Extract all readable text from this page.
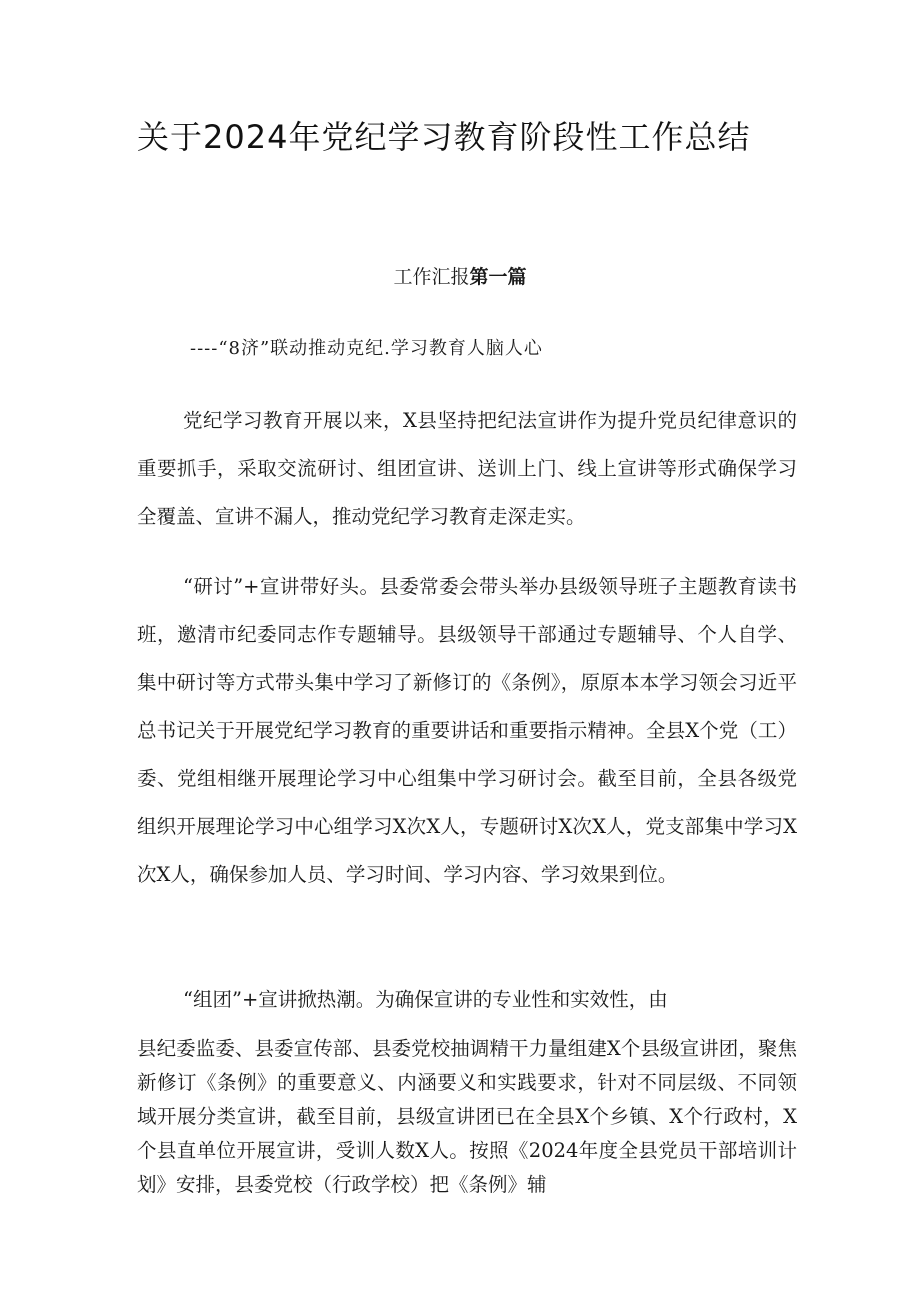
关于2024年党纪学习教育阶段性工作总结
工作汇报第一篇
----“8济”联动推动克纪.学习教育人脑人心

党纪学习教育开展以来，X县坚持把纪法宣讲作为提升党员纪律意识的重要抓手，采取交流研讨、组团宣讲、送训上门、线上宣讲等形式确保学习全覆盖、宣讲不漏人，推动党纪学习教育走深走实。

“研讨”+宣讲带好头。县委常委会带头举办县级领导班子主题教育读书班，邀清市纪委同志作专题辅导。县级领导干部通过专题辅导、个人自学、集中研讨等方式带头集中学习了新修订的《条例》，原原本本学习领会习近平总书记关于开展党纪学习教育的重要讲话和重要指示精神。全县X个党（工）委、党组相继开展理论学习中心组集中学习研讨会。截至目前，全县各级党组织开展理论学习中心组学习X次X人，专题研讨X次X人，党支部集中学习X次X人，确保参加人员、学习时间、学习内容、学习效果到位。

“组团”+宣讲掀热潮。为确保宣讲的专业性和实效性，由

县纪委监委、县委宣传部、县委党校抽调精干力量组建X个县级宣讲团，聚焦新修订《条例》的重要意义、内涵要义和实践要求，针对不同层级、不同领域开展分类宣讲，截至目前，县级宣讲团已在全县X个乡镇、X个行政村，X个县直单位开展宣讲，受训人数X人。按照《2024年度全县党员干部培训计划》安排，县委党校（行政学校）把《条例》辅
